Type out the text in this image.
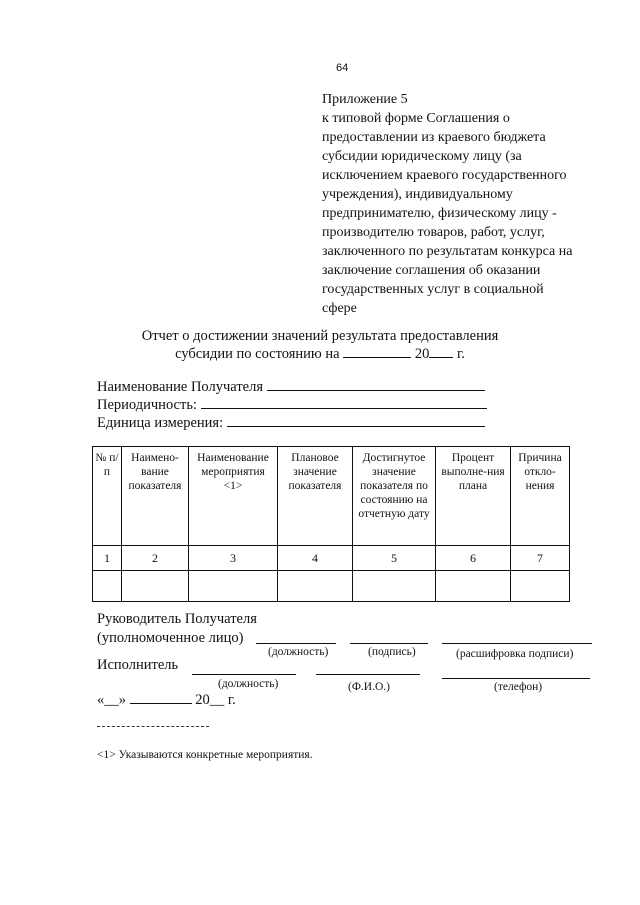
64
Приложение 5
к типовой форме Соглашения о
предоставлении из краевого бюджета
субсидии юридическому лицу (за
исключением краевого государственного
учреждения), индивидуальному
предпринимателю, физическому лицу -
производителю товаров, работ, услуг,
заключенного по результатам конкурса на
заключение соглашения об оказании
государственных услуг в социальной
сфере
Отчет о достижении значений результата предоставления
субсидии по состоянию на	20 г.
Наименование Получателя
Периодичность:
Единица измерения:
№ п/п	Наимено-вание показателя	Наименование мероприятия <1>	Плановое значение показателя	Достигнутое значение показателя по состоянию на отчетную дату	Процент выполне-ния плана	Причина откло-нения
1	2	3	4	5	6	7

Руководитель Получателя
(уполномоченное лицо)
(должность)	(подпись)	(расшифровка подписи)
Исполнитель
(должность)	(Ф.И.О.)	(телефон)
«__»	20__ г.
<1> Указываются конкретные мероприятия.
